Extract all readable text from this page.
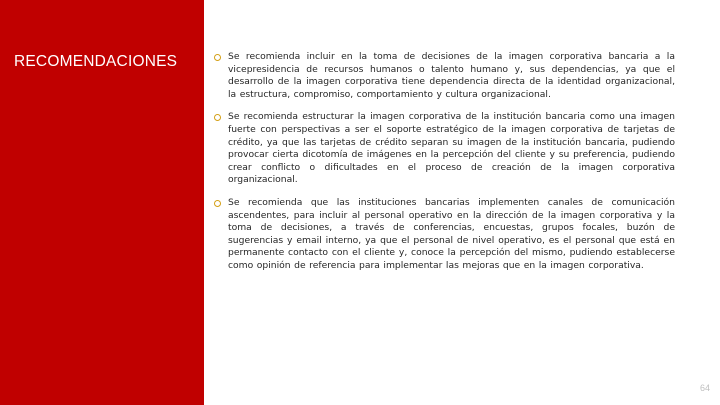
RECOMENDACIONES	Se recomienda incluir en la toma de decisiones de la imagen corporativa bancaria a la vicepresidencia de recursos humanos o talento humano y, sus dependencias, ya que el desarrollo de la imagen corporativa tiene dependencia directa de la identidad organizacional, la estructura, compromiso, comportamiento y cultura organizacional.
Se recomienda estructurar la imagen corporativa de la institución bancaria como una imagen fuerte con perspectivas a ser el soporte estratégico de la imagen corporativa de tarjetas de crédito, ya que las tarjetas de crédito separan su imagen de la institución bancaria, pudiendo provocar cierta dicotomía de imágenes en la percepción del cliente y su preferencia, pudiendo crear conflicto o dificultades en el proceso de creación de la imagen corporativa organizacional.
Se recomienda que las instituciones bancarias implementen canales de comunicación ascendentes, para incluir al personal operativo en la dirección de la imagen corporativa y la toma de decisiones, a través de conferencias, encuestas, grupos focales, buzón de sugerencias y email interno, ya que el personal de nivel operativo, es el personal que está en permanente contacto con el cliente y, conoce la percepción del mismo, pudiendo establecerse como opinión de referencia para implementar las mejoras que en la imagen corporativa.
64
